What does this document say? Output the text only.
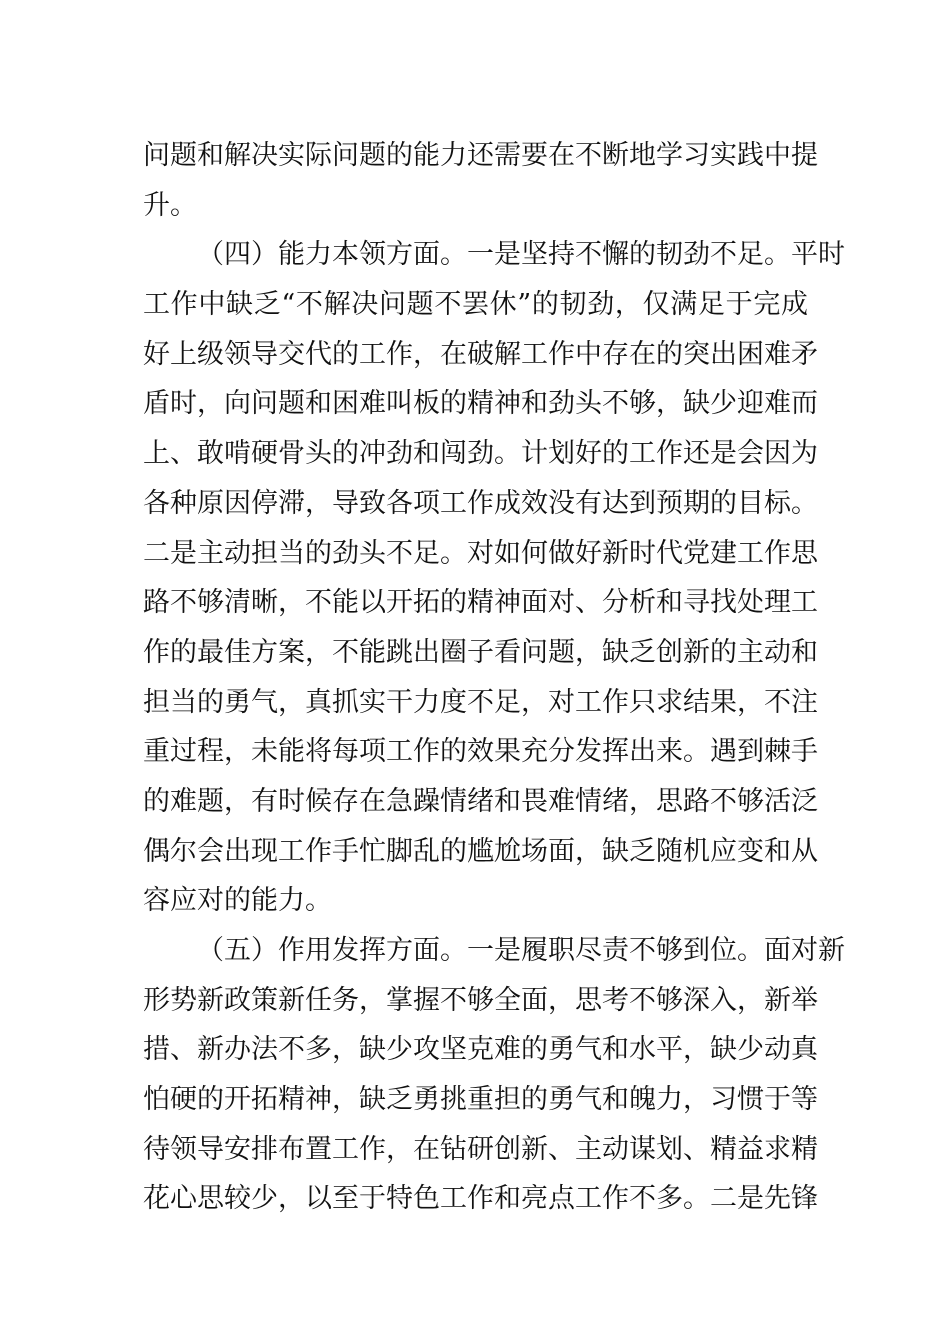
问题和解决实际问题的能力还需要在不断地学习实践中提
升。
（四）能力本领方面。一是坚持不懈的韧劲不足。平时
工作中缺乏“不解决问题不罢休”的韧劲，仅满足于完成
好上级领导交代的工作，在破解工作中存在的突出困难矛
盾时，向问题和困难叫板的精神和劲头不够，缺少迎难而
上、敢啃硬骨头的冲劲和闯劲。计划好的工作还是会因为
各种原因停滞，导致各项工作成效没有达到预期的目标。
二是主动担当的劲头不足。对如何做好新时代党建工作思
路不够清晰，不能以开拓的精神面对、分析和寻找处理工
作的最佳方案，不能跳出圈子看问题，缺乏创新的主动和
担当的勇气，真抓实干力度不足，对工作只求结果，不注
重过程，未能将每项工作的效果充分发挥出来。遇到棘手
的难题，有时候存在急躁情绪和畏难情绪，思路不够活泛
偶尔会出现工作手忙脚乱的尴尬场面，缺乏随机应变和从
容应对的能力。
（五）作用发挥方面。一是履职尽责不够到位。面对新
形势新政策新任务，掌握不够全面，思考不够深入，新举
措、新办法不多，缺少攻坚克难的勇气和水平，缺少动真
怕硬的开拓精神，缺乏勇挑重担的勇气和魄力，习惯于等
待领导安排布置工作，在钻研创新、主动谋划、精益求精
花心思较少，以至于特色工作和亮点工作不多。二是先锋
